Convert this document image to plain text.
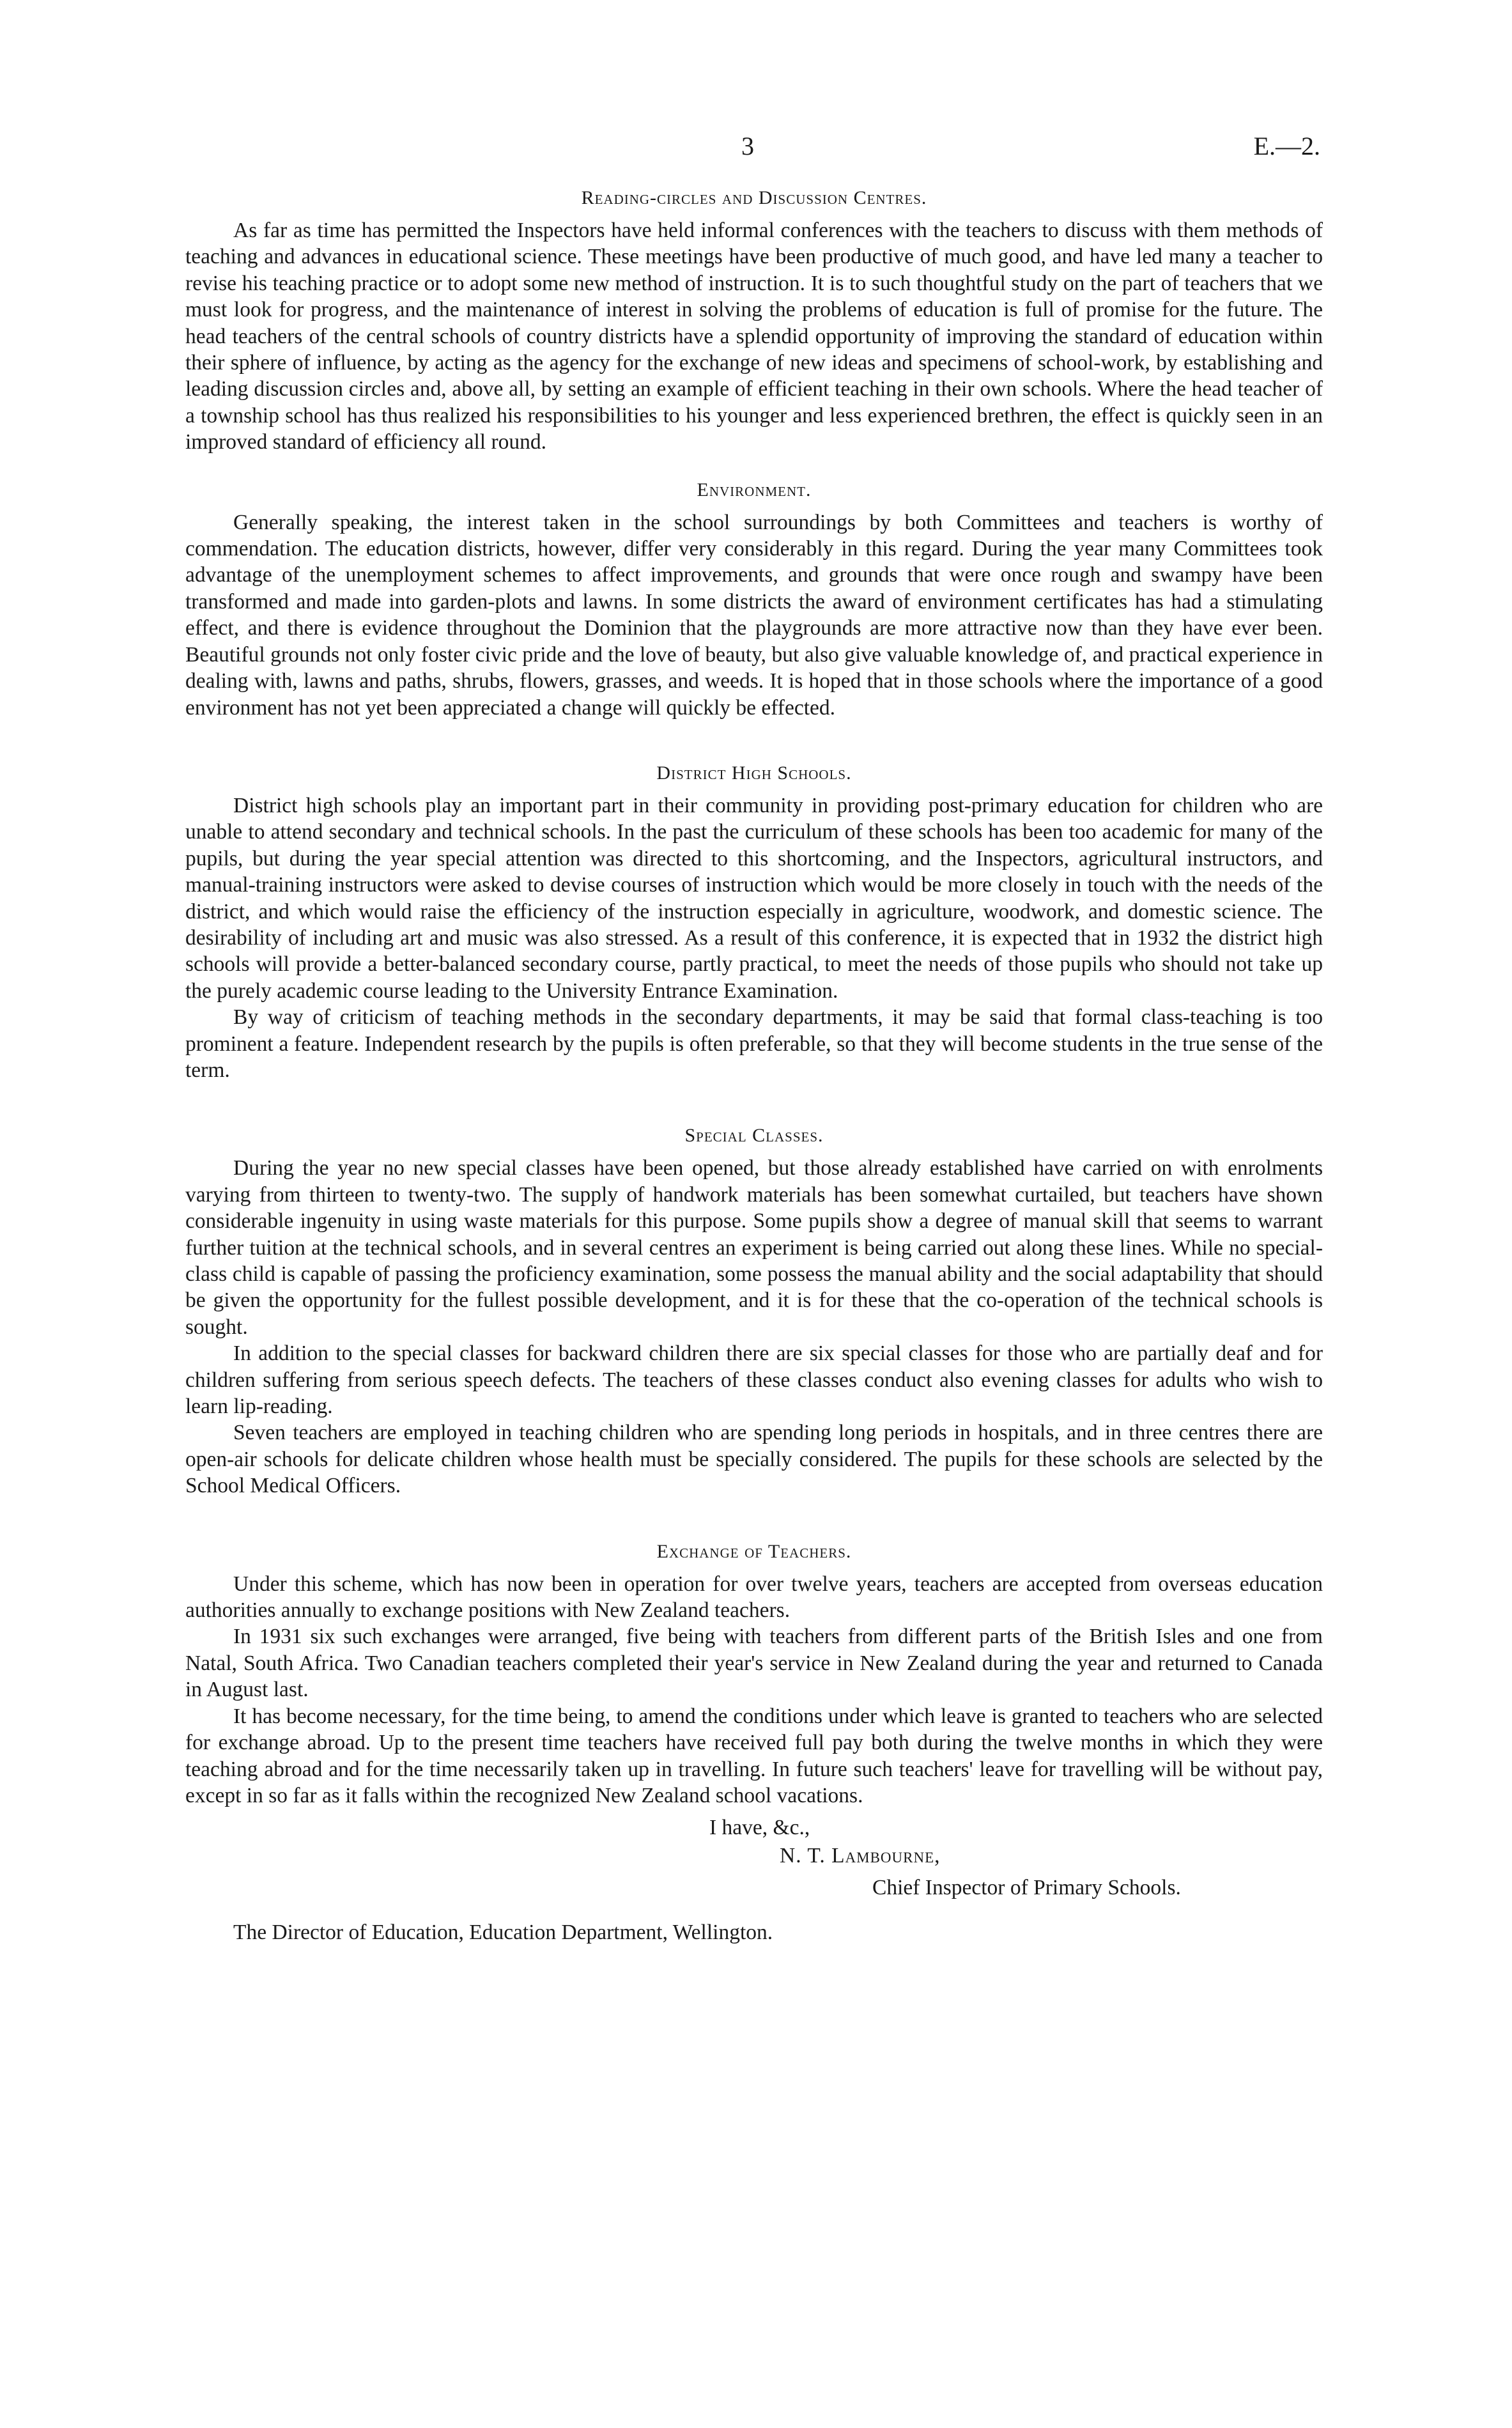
3	E.—2.
Reading-circles and Discussion Centres.

As far as time has permitted the Inspectors have held informal conferences with the teachers to discuss with them methods of teaching and advances in educational science. These meetings have been productive of much good, and have led many a teacher to revise his teaching practice or to adopt some new method of instruction. It is to such thoughtful study on the part of teachers that we must look for progress, and the maintenance of interest in solving the problems of education is full of promise for the future. The head teachers of the central schools of country districts have a splendid opportunity of improving the standard of education within their sphere of influence, by acting as the agency for the exchange of new ideas and specimens of school-work, by establishing and leading discussion circles and, above all, by setting an example of efficient teaching in their own schools. Where the head teacher of a township school has thus realized his responsibilities to his younger and less experienced brethren, the effect is quickly seen in an improved standard of efficiency all round.

Environment.

Generally speaking, the interest taken in the school surroundings by both Committees and teachers is worthy of commendation. The education districts, however, differ very considerably in this regard. During the year many Committees took advantage of the unemployment schemes to affect improvements, and grounds that were once rough and swampy have been transformed and made into garden-plots and lawns. In some districts the award of environment certificates has had a stimulating effect, and there is evidence throughout the Dominion that the playgrounds are more attractive now than they have ever been. Beautiful grounds not only foster civic pride and the love of beauty, but also give valuable knowledge of, and practical experience in dealing with, lawns and paths, shrubs, flowers, grasses, and weeds. It is hoped that in those schools where the importance of a good environment has not yet been appreciated a change will quickly be effected.

District High Schools.

District high schools play an important part in their community in providing post-primary education for children who are unable to attend secondary and technical schools. In the past the curriculum of these schools has been too academic for many of the pupils, but during the year special attention was directed to this shortcoming, and the Inspectors, agricultural instructors, and manual-training instructors were asked to devise courses of instruction which would be more closely in touch with the needs of the district, and which would raise the efficiency of the instruction especially in agriculture, woodwork, and domestic science. The desirability of including art and music was also stressed. As a result of this conference, it is expected that in 1932 the district high schools will provide a better-balanced secondary course, partly practical, to meet the needs of those pupils who should not take up the purely academic course leading to the University Entrance Examination.

By way of criticism of teaching methods in the secondary departments, it may be said that formal class-teaching is too prominent a feature. Independent research by the pupils is often preferable, so that they will become students in the true sense of the term.

Special Classes.

During the year no new special classes have been opened, but those already established have carried on with enrolments varying from thirteen to twenty-two. The supply of handwork materials has been somewhat curtailed, but teachers have shown considerable ingenuity in using waste materials for this purpose. Some pupils show a degree of manual skill that seems to warrant further tuition at the technical schools, and in several centres an experiment is being carried out along these lines. While no special-class child is capable of passing the proficiency examination, some possess the manual ability and the social adaptability that should be given the opportunity for the fullest possible development, and it is for these that the co-operation of the technical schools is sought.

In addition to the special classes for backward children there are six special classes for those who are partially deaf and for children suffering from serious speech defects. The teachers of these classes conduct also evening classes for adults who wish to learn lip-reading.

Seven teachers are employed in teaching children who are spending long periods in hospitals, and in three centres there are open-air schools for delicate children whose health must be specially considered. The pupils for these schools are selected by the School Medical Officers.

Exchange of Teachers.

Under this scheme, which has now been in operation for over twelve years, teachers are accepted from overseas education authorities annually to exchange positions with New Zealand teachers.

In 1931 six such exchanges were arranged, five being with teachers from different parts of the British Isles and one from Natal, South Africa. Two Canadian teachers completed their year's service in New Zealand during the year and returned to Canada in August last.

It has become necessary, for the time being, to amend the conditions under which leave is granted to teachers who are selected for exchange abroad. Up to the present time teachers have received full pay both during the twelve months in which they were teaching abroad and for the time necessarily taken up in travelling. In future such teachers' leave for travelling will be without pay, except in so far as it falls within the recognized New Zealand school vacations.

I have, &c.,
N. T. Lambourne,
Chief Inspector of Primary Schools.
The Director of Education, Education Department, Wellington.
